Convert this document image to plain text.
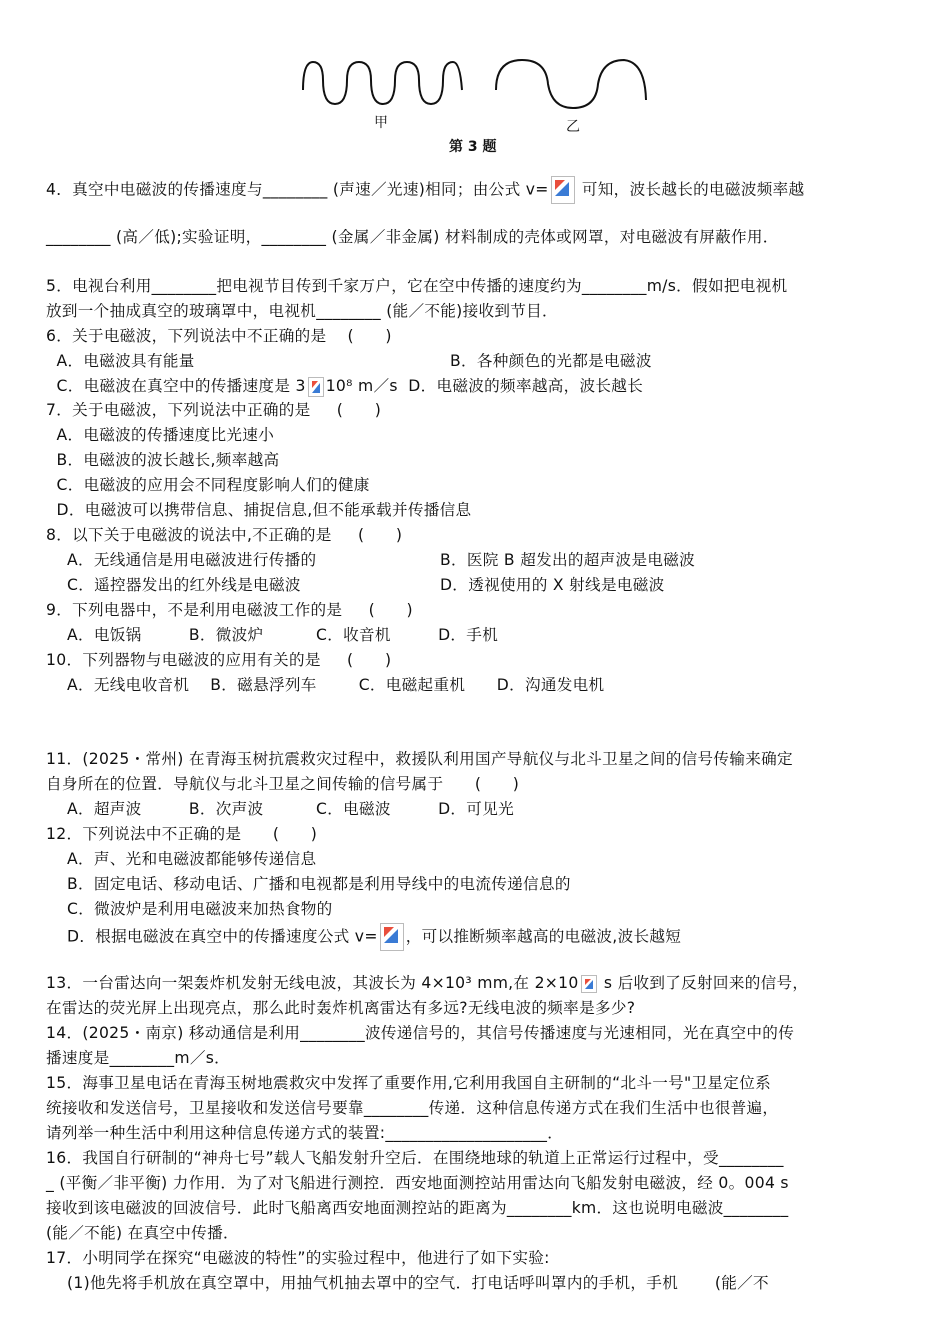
甲	乙
第 3 题
4．真空中电磁波的传播速度与________ (声速／光速)相同；由公式 v=
可知，波长越长的电磁波频率越
________ (高／低);实验证明，________ (金属／非金属) 材料制成的壳体或网罩，对电磁波有屏蔽作用．
5．电视台利用________把电视节目传到千家万户，它在空中传播的速度约为________m/s．假如把电视机
放到一个抽成真空的玻璃罩中，电视机________ (能／不能)接收到节目．
6．关于电磁波，下列说法中不正确的是    (      )
A．电磁波具有能量	B．各种颜色的光都是电磁波
C．电磁波在真空中的传播速度是 3 10⁸ m／s  D．电磁波的频率越高，波长越长
7．关于电磁波，下列说法中正确的是     (      )
A．电磁波的传播速度比光速小
B．电磁波的波长越长,频率越高
C．电磁波的应用会不同程度影响人们的健康
D．电磁波可以携带信息、捕捉信息,但不能承载并传播信息
8．以下关于电磁波的说法中,不正确的是     (      )
A．无线通信是用电磁波进行传播的	B．医院 B 超发出的超声波是电磁波
C．遥控器发出的红外线是电磁波	D．透视使用的 X 射线是电磁波
9．下列电器中，不是利用电磁波工作的是     (      )
A．电饭锅         B．微波炉          C．收音机         D．手机
10．下列器物与电磁波的应用有关的是     (      )
A．无线电收音机    B．磁悬浮列车        C．电磁起重机      D．沟通发电机
11．(2025・常州) 在青海玉树抗震救灾过程中，救援队利用国产导航仪与北斗卫星之间的信号传输来确定
自身所在的位置．导航仪与北斗卫星之间传输的信号属于      (      )
A．超声波         B．次声波          C．电磁波         D．可见光
12．下列说法中不正确的是      (      )
A．声、光和电磁波都能够传递信息
B．固定电话、移动电话、广播和电视都是利用导线中的电流传递信息的
C．微波炉是利用电磁波来加热食物的
D．根据电磁波在真空中的传播速度公式 v= ，可以推断频率越高的电磁波,波长越短
13．一台雷达向一架轰炸机发射无线电波，其波长为 4×10³ mm,在 2×10
s 后收到了反射回来的信号，
在雷达的荧光屏上出现亮点，那么此时轰炸机离雷达有多远?无线电波的频率是多少?
14．(2025・南京) 移动通信是利用________波传递信号的，其信号传播速度与光速相同，光在真空中的传
播速度是________m／s．
15．海事卫星电话在青海玉树地震救灾中发挥了重要作用,它利用我国自主研制的“北斗一号"卫星定位系
统接收和发送信号，卫星接收和发送信号要靠________传递．这种信息传递方式在我们生活中也很普遍，
请列举一种生活中利用这种信息传递方式的装置:____________________．
16．我国自行研制的“神舟七号”载人飞船发射升空后．在围绕地球的轨道上正常运行过程中，受________
_ (平衡／非平衡) 力作用．为了对飞船进行测控．西安地面测控站用雷达向飞船发射电磁波，经 0。004 s
接收到该电磁波的回波信号．此时飞船离西安地面测控站的距离为________km．这也说明电磁波________
(能／不能) 在真空中传播．
17．小明同学在探究“电磁波的特性”的实验过程中，他进行了如下实验:
(1)他先将手机放在真空罩中，用抽气机抽去罩中的空气．打电话呼叫罩内的手机，手机       (能／不
